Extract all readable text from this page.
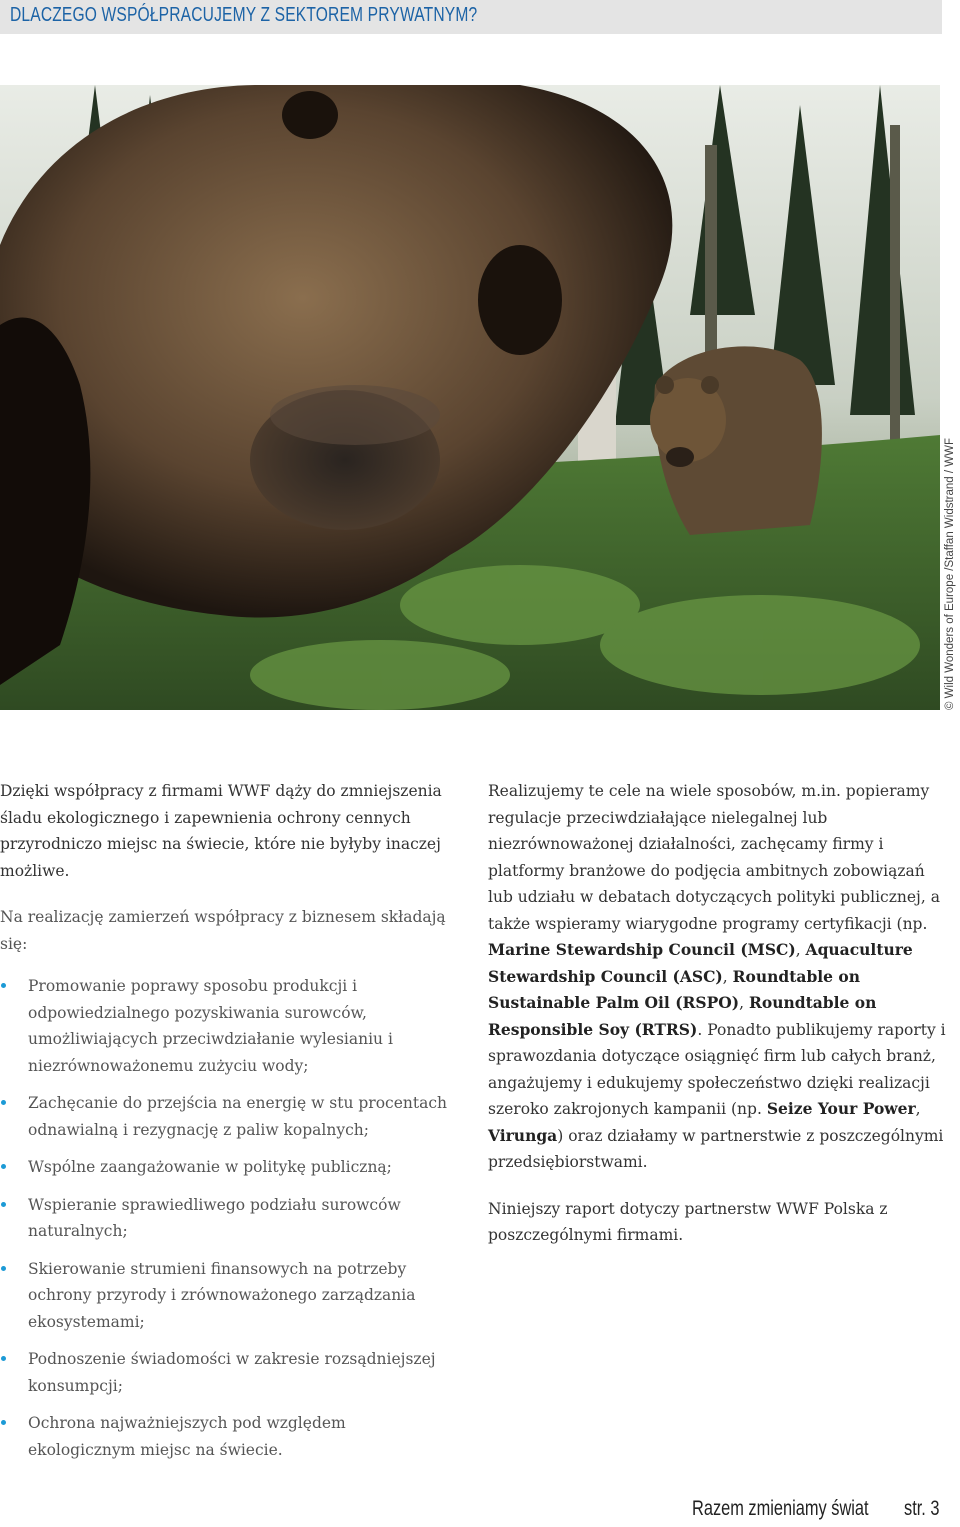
DLACZEGO WSPÓŁPRACUJEMY Z SEKTOREM PRYWATNYM?
© Wild Wonders of Europe /Staffan Widstrand / WWF

Dzięki współpracy z firmami WWF dąży do zmniejszenia śladu ekologicznego i zapewnienia ochrony cennych przyrodniczo miejsc na świecie, które nie byłyby inaczej możliwe.

Na realizację zamierzeń współpracy z biznesem składają się:

Promowanie poprawy sposobu produkcji i odpowiedzialnego pozyskiwania surowców, umożliwiających przeciwdziałanie wylesianiu i niezrównoważonemu zużyciu wody;
Zachęcanie do przejścia na energię w stu procentach odnawialną i rezygnację z paliw kopalnych;
Wspólne zaangażowanie w politykę publiczną;
Wspieranie sprawiedliwego podziału surowców naturalnych;
Skierowanie strumieni finansowych na potrzeby ochrony przyrody i zrównoważonego zarządzania ekosystemami;
Podnoszenie świadomości w zakresie rozsądniejszej konsumpcji;
Ochrona najważniejszych pod względem ekologicznym miejsc na świecie.

Realizujemy te cele na wiele sposobów, m.in. popieramy regulacje przeciwdziałające nielegalnej lub niezrównoważonej działalności, zachęcamy firmy i platformy branżowe do podjęcia ambitnych zobowiązań lub udziału w debatach dotyczących polityki publicznej, a także wspieramy wiarygodne programy certyfikacji (np. Marine Stewardship Council (MSC), Aquaculture Stewardship Council (ASC), Roundtable on Sustainable Palm Oil (RSPO), Roundtable on Responsible Soy (RTRS). Ponadto publikujemy raporty i sprawozdania dotyczące osiągnięć firm lub całych branż, angażujemy i edukujemy społeczeństwo dzięki realizacji szeroko zakrojonych kampanii (np. Seize Your Power, Virunga) oraz działamy w partnerstwie z poszczególnymi przedsiębiorstwami.

Niniejszy raport dotyczy partnerstw WWF Polska z poszczególnymi firmami.

Razem zmieniamy świat str. 3
